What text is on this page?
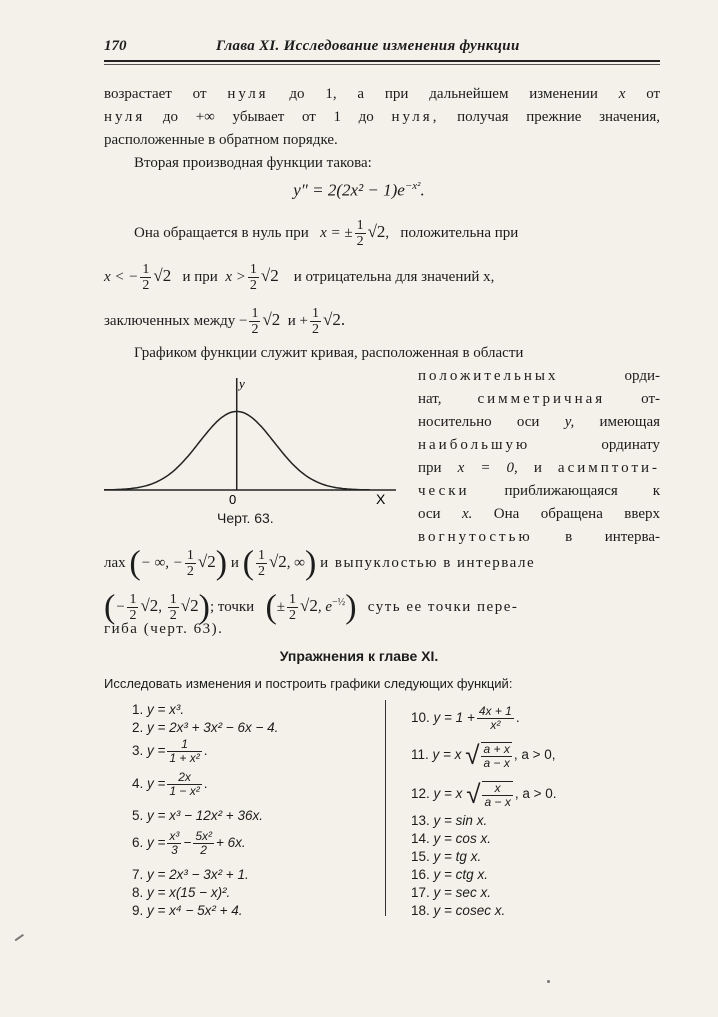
170	Глава XI. Исследование изменения функции
возрастает от нуля до 1, а при дальнейшем изменении x от
нуля до +∞ убывает от 1 до нуля, получая прежние значения,
расположенные в обратном порядке.
Вторая производная функции такова:
$y'' = 2(2x^2 - 1)e^{-x^2}$.
Она обращается в нуль при x = ± $\frac{1}{2} √2$,   положительна при
x < − $\frac{1}{2} √2$ и при $x > \frac{1}{2} √2$ и отрицательна для значений x,
заключенных между − $\frac{1}{2} √2$ $и + \frac{1}{2} √2$.
Графиком функции служит кривая, расположенная в области
y
X
0
Черт. 63.
положительных	орди-
нат, симметричная от-
носительно оси y, имеющая
наибольшую	ординату
при x = 0, и асимптоти-
чески приближающаяся к
оси x. Она обращена вверх
вогнутостью в интерва-
лах (− ∞, − $\frac{1}{2} √2$) и ( $\frac{1}{2} √2$, ∞) и выпуклостью в интервале
(− $\frac{1}{2} √2$, $\frac{1}{2} √2$); точки (± $\frac{1}{2} √2$, $e^{-\frac{1}{2}}$) суть ее точки пере-
гиба (черт. 63).
Упражнения к главе XI.
Исследовать изменения и построить графики следующих функций:
1. y = x³.
2. y = 2x³ + 3x² − 6x − 4.
3. $y = \frac{1}{\text{1 + x²}}$ .
4. $y = \frac{2x}{\text{1 − x²}}$ .
5. y = x³ − 12x² + 36x.
6. $y = \frac{\text{x³}}{3} - \frac{\text{5x²}}{2} + 6x$.
7. y = 2x³ − 3x² + 1.
8. y = x(15 − x)².
9. y = x⁴ − 5x² + 4.
10. $y = 1 + \frac{4x + 1}{\text{x²}}$ .
11. y = x √ $\frac{a + x}{a - x}$ , a > 0,
12. y = x √ $\frac{x}{a - x}$ , a > 0.
13. y = sin x.
14. y = cos x.
15. y = tg x.
16. y = ctg x.
17. y = sec x.
18. y = cosec x.
